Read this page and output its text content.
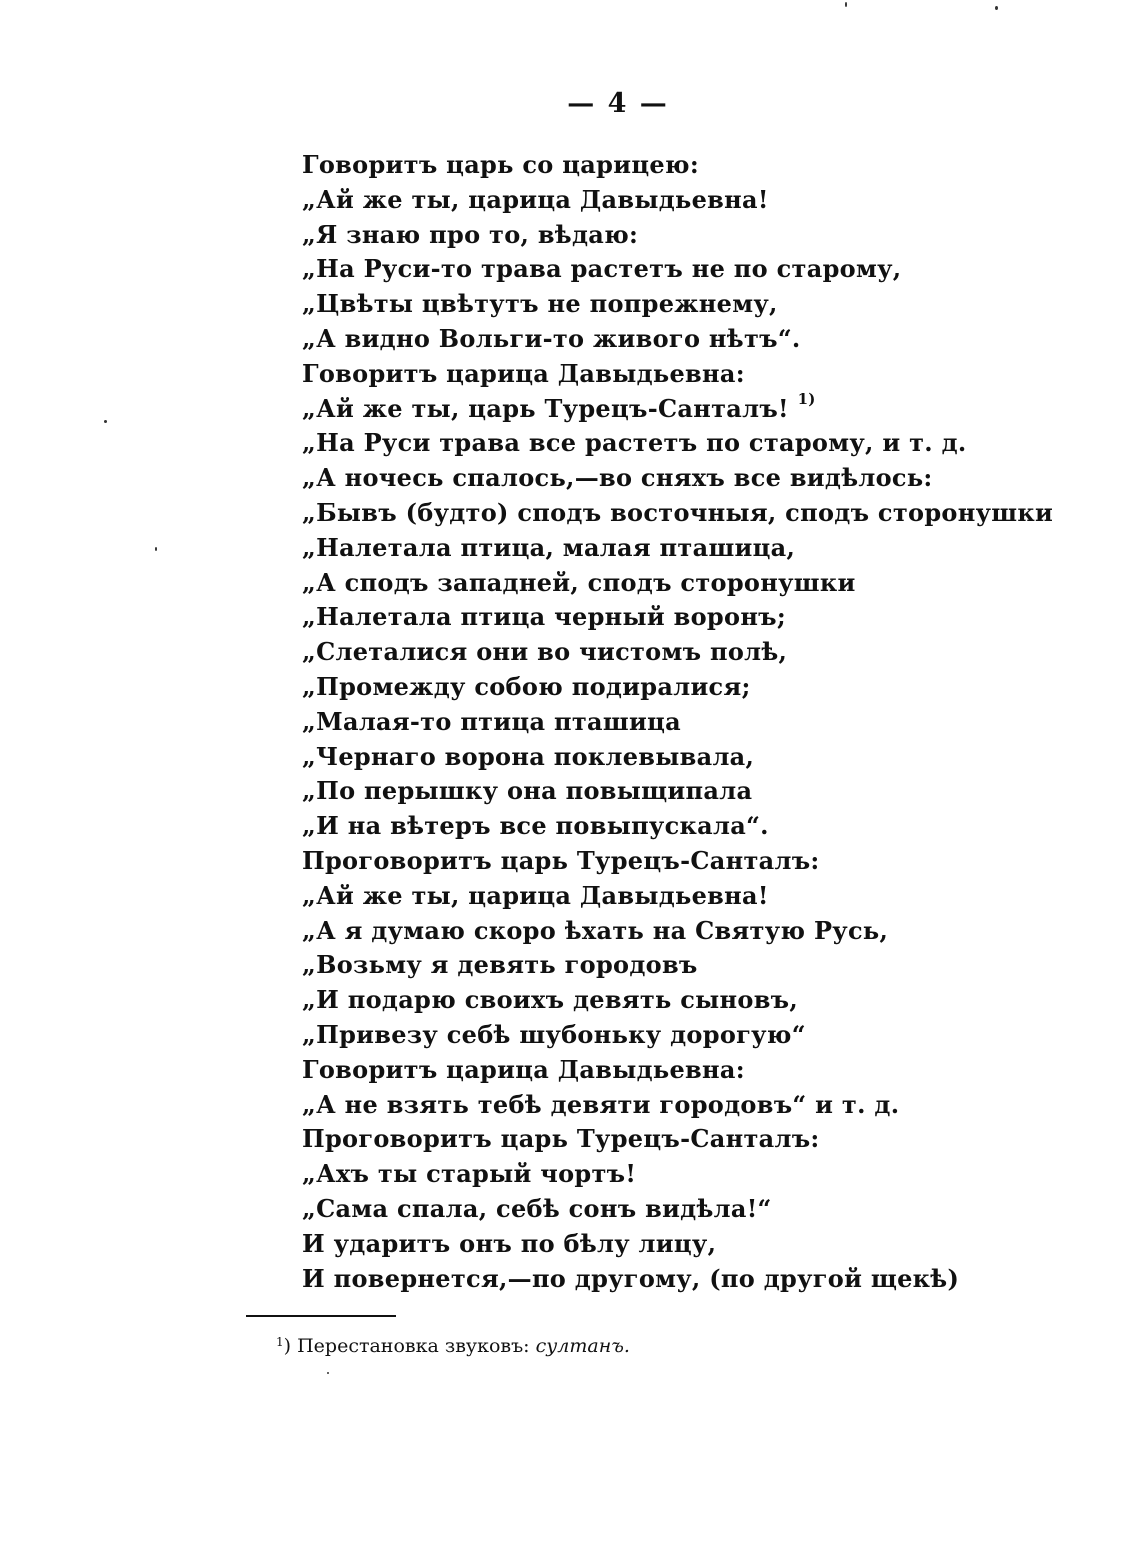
— 4 —
Говоритъ царь со царицею:
„Ай же ты, царица Давыдьевна!
„Я знаю про то, вѣдаю:
„На Руси-то трава растетъ не по старому,
„Цвѣты цвѣтутъ не попрежнему,
„А видно Вольги-то живого нѣтъ“.
Говоритъ царица Давыдьевна:
„Ай же ты, царь Турецъ-Санталъ! $^{1)}$
„На Руси трава все растетъ по старому, и т. д.
„А ночесь спалось,—во сняхъ все видѣлось:
„Бывъ (будто) сподъ восточныя, сподъ сторонушки
„Налетала птица, малая пташица,
„А сподъ западней, сподъ сторонушки
„Налетала птица черный воронъ;
„Слеталися они во чистомъ полѣ,
„Промежду собою подиралися;
„Малая-то птица пташица
„Чернаго ворона поклевывала,
„По перышку она повыщипала
„И на вѣтеръ все повыпускала“.
Проговоритъ царь Турецъ-Санталъ:
„Ай же ты, царица Давыдьевна!
„А я думаю скоро ѣхать на Святую Русь,
„Возьму я девять городовъ
„И подарю своихъ девять сыновъ,
„Привезу себѣ шубоньку дорогую“
Говоритъ царица Давыдьевна:
„А не взять тебѣ девяти городовъ“ и т. д.
Проговоритъ царь Турецъ-Санталъ:
„Ахъ ты старый чортъ!
„Сама спала, себѣ сонъ видѣла!“
И ударитъ онъ по бѣлу лицу,
И повернется,—по другому, (по другой щекѣ)
$^1$) Перестановка звуковъ: султанъ.
